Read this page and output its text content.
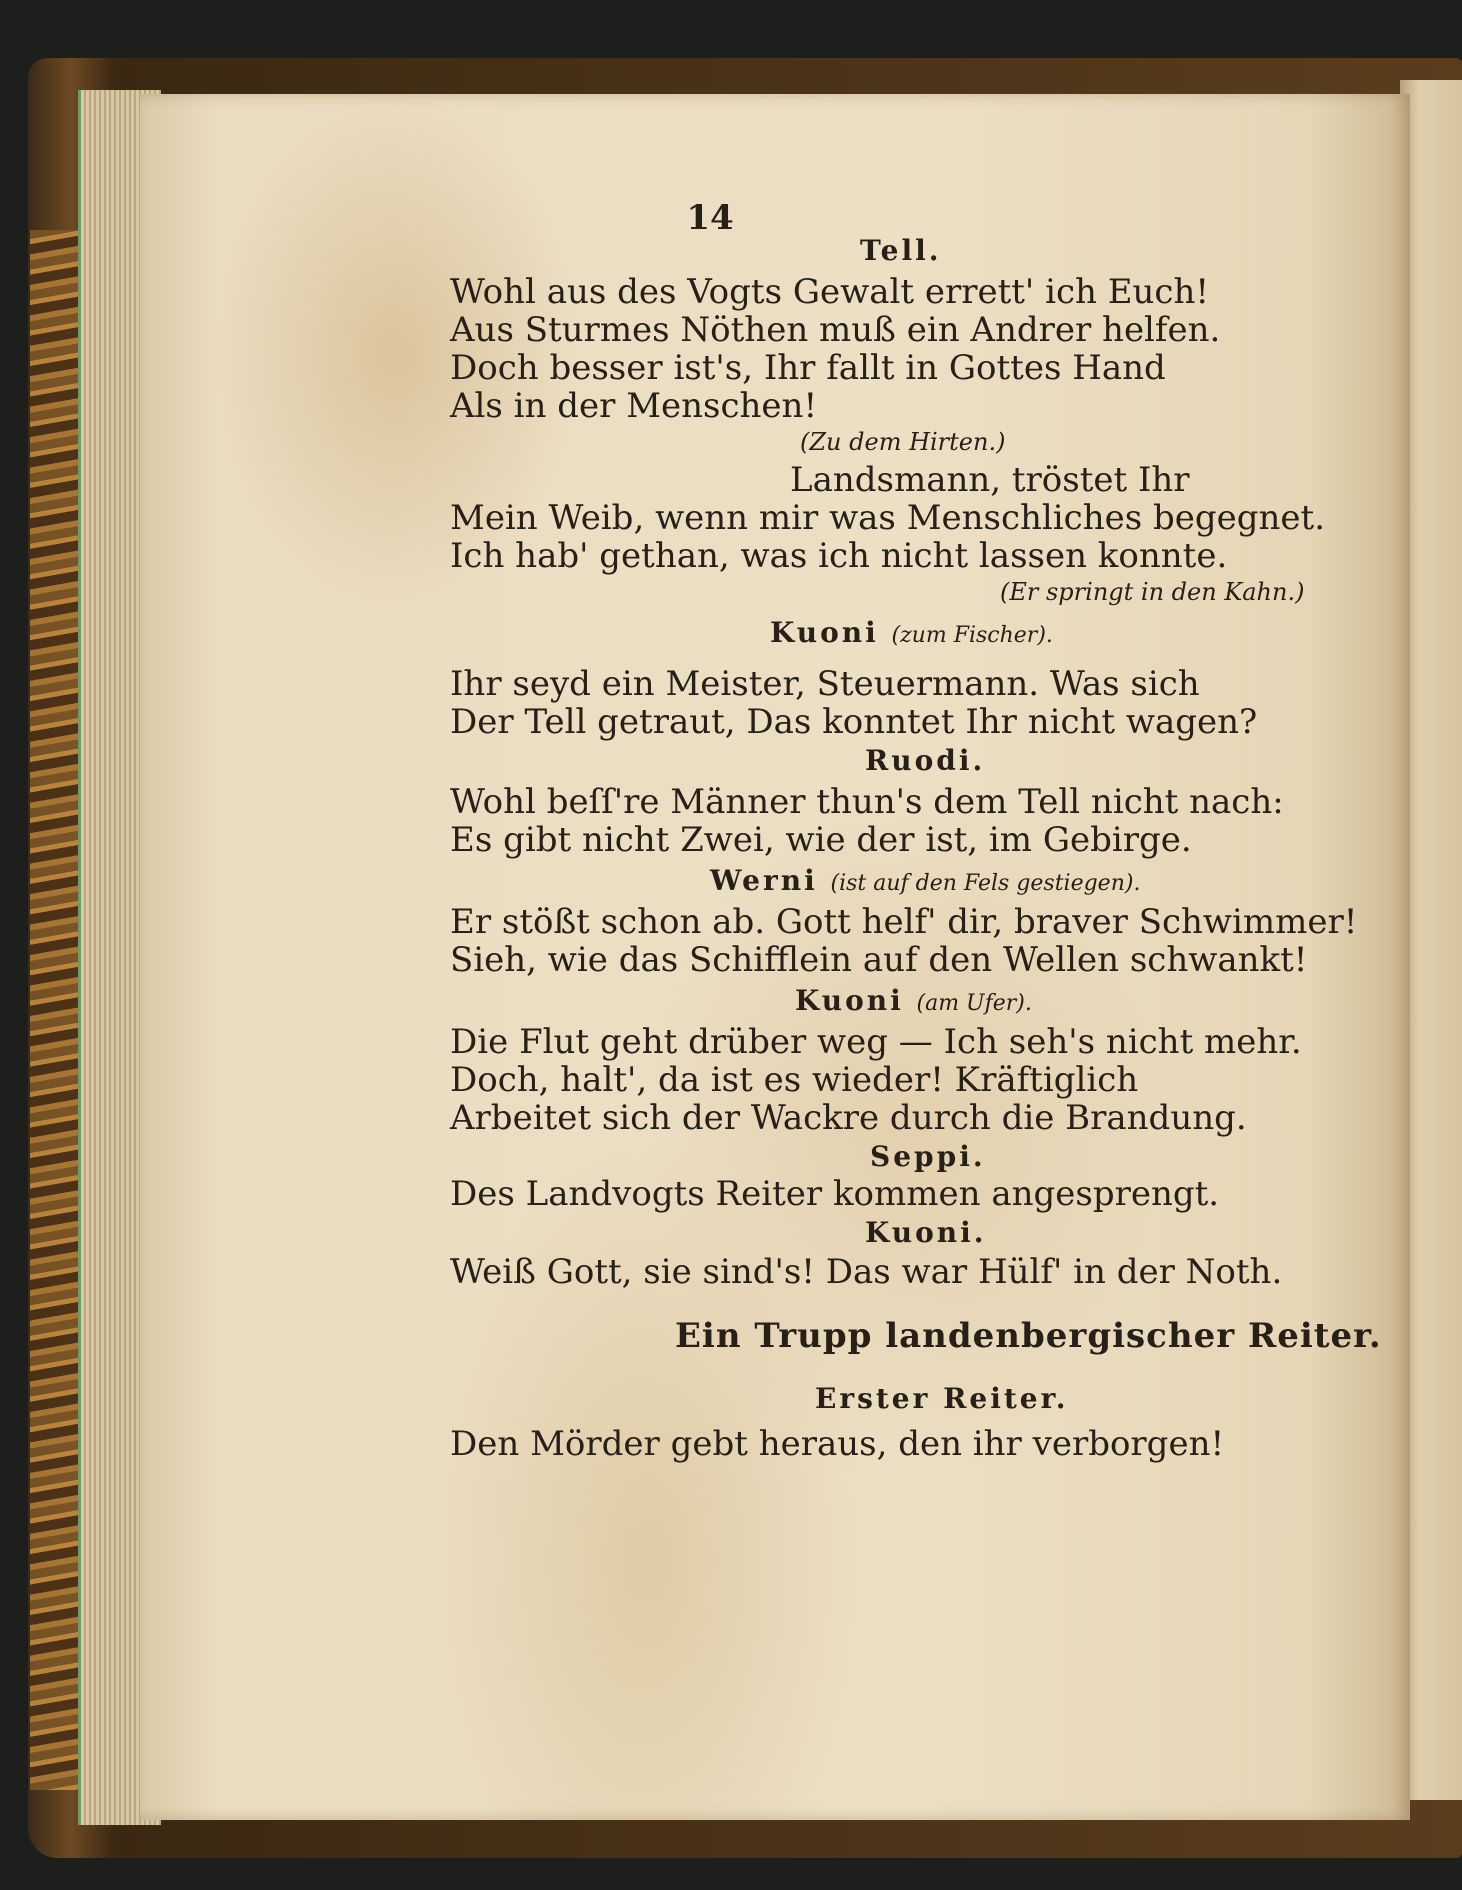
14
Tell.
Wohl aus des Vogts Gewalt errett' ich Euch!
Aus Sturmes Nöthen muß ein Andrer helfen.
Doch besser ist's, Ihr fallt in Gottes Hand
Als in der Menschen!
(Zu dem Hirten.)
Landsmann, tröstet Ihr
Mein Weib, wenn mir was Menschliches begegnet.
Ich hab' gethan, was ich nicht lassen konnte.
(Er springt in den Kahn.)
Kuoni (zum Fischer).
Ihr seyd ein Meister, Steuermann. Was sich
Der Tell getraut, Das konntet Ihr nicht wagen?
Ruodi.
Wohl beſſ're Männer thun's dem Tell nicht nach:
Es gibt nicht Zwei, wie der ist, im Gebirge.
Werni (ist auf den Fels gestiegen).
Er stößt schon ab. Gott helf' dir, braver Schwimmer!
Sieh, wie das Schifflein auf den Wellen schwankt!
Kuoni (am Ufer).
Die Flut geht drüber weg — Ich seh's nicht mehr.
Doch, halt', da ist es wieder! Kräftiglich
Arbeitet sich der Wackre durch die Brandung.
Seppi.
Des Landvogts Reiter kommen angesprengt.
Kuoni.
Weiß Gott, sie sind's! Das war Hülf' in der Noth.
Ein Trupp landenbergischer Reiter.
Erster Reiter.
Den Mörder gebt heraus, den ihr verborgen!
